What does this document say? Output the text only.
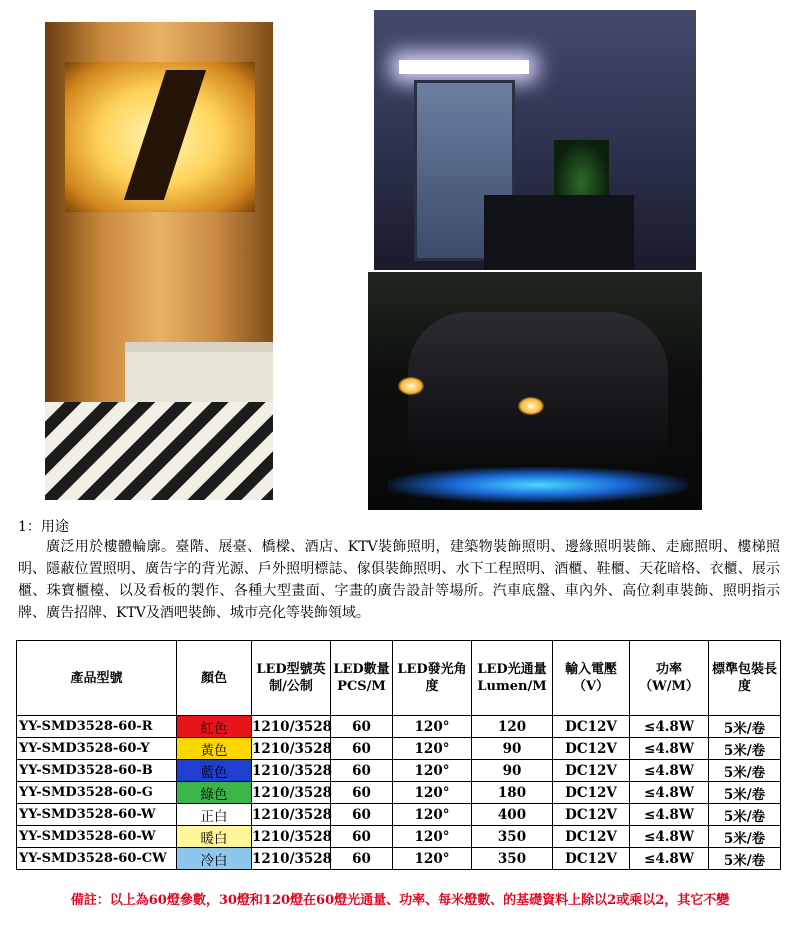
1：用途

廣泛用於樓體輪廓。臺階、展臺、橋樑、酒店、KTV裝飾照明，建築物裝飾照明、邊緣照明裝飾、走廊照明、樓梯照明、隱蔽位置照明、廣告字的背光源、戶外照明標誌、傢俱裝飾照明、水下工程照明、酒櫃、鞋櫃、天花暗格、衣櫃、展示櫃、珠寶櫃檯、以及看板的製作、各種大型畫面、字畫的廣告設計等場所。汽車底盤、車內外、高位剎車裝飾、照明指示牌、廣告招牌、KTV及酒吧裝飾、城市亮化等裝飾領域。

產品型號	顏色	LED型號英制/公制	LED數量PCS/M	LED發光角度	LED光通量Lumen/M	輸入電壓（V）	功率（W/M）	標準包裝長度
YY-SMD3528-60-R	紅色	1210/3528	60	120°	120	DC12V	≤4.8W	5米/卷
YY-SMD3528-60-Y	黃色	1210/3528	60	120°	90	DC12V	≤4.8W	5米/卷
YY-SMD3528-60-B	藍色	1210/3528	60	120°	90	DC12V	≤4.8W	5米/卷
YY-SMD3528-60-G	綠色	1210/3528	60	120°	180	DC12V	≤4.8W	5米/卷
YY-SMD3528-60-W	正白	1210/3528	60	120°	400	DC12V	≤4.8W	5米/卷
YY-SMD3528-60-W	暖白	1210/3528	60	120°	350	DC12V	≤4.8W	5米/卷
YY-SMD3528-60-CW	冷白	1210/3528	60	120°	350	DC12V	≤4.8W	5米/卷

備註：以上為60燈參數，30燈和120燈在60燈光通量、功率、每米燈數、的基礎資料上除以2或乘以2，其它不變
